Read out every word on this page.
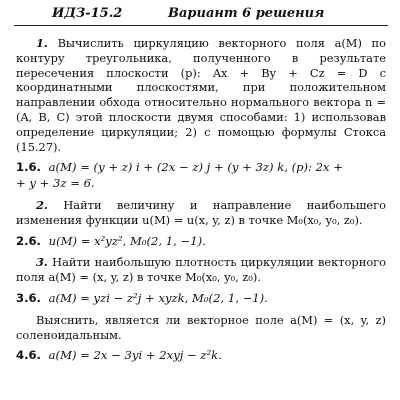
ИДЗ-15.2	Вариант 6 решения

1. Вычислить циркуляцию векторного поля a(M) по контуру треугольника, полученного в результате пересечения плоскости (p): Ax + By + Cz = D с координатными плоскостями, при положительном направлении обхода относительно нормального вектора n = (A, B, C) этой плоскости двумя способами: 1) использовав определение циркуляции; 2) с помощью формулы Стокса (15.27).

1.6. a(M) = (y + z) i + (2x − z) j + (y + 3z) k, (p): 2x +
+ y + 3z = 6.

2. Найти величину и направление наибольшего изменения функции u(M) = u(x, y, z) в точке M₀(x₀, y₀, z₀).

2.6. u(M) = x²yz², M₀(2, 1, −1).

3. Найти наибольшую плотность циркуляции векторного поля a(M) = (x, y, z) в точке M₀(x₀, y₀, z₀).

3.6. a(M) = yzi − z²j + xyzk, M₀(2, 1, −1).

Выяснить, является ли векторное поле a(M) = (x, y, z) соленоидальным.

4.6. a(M) = 2x − 3yi + 2xyj − z²k.
